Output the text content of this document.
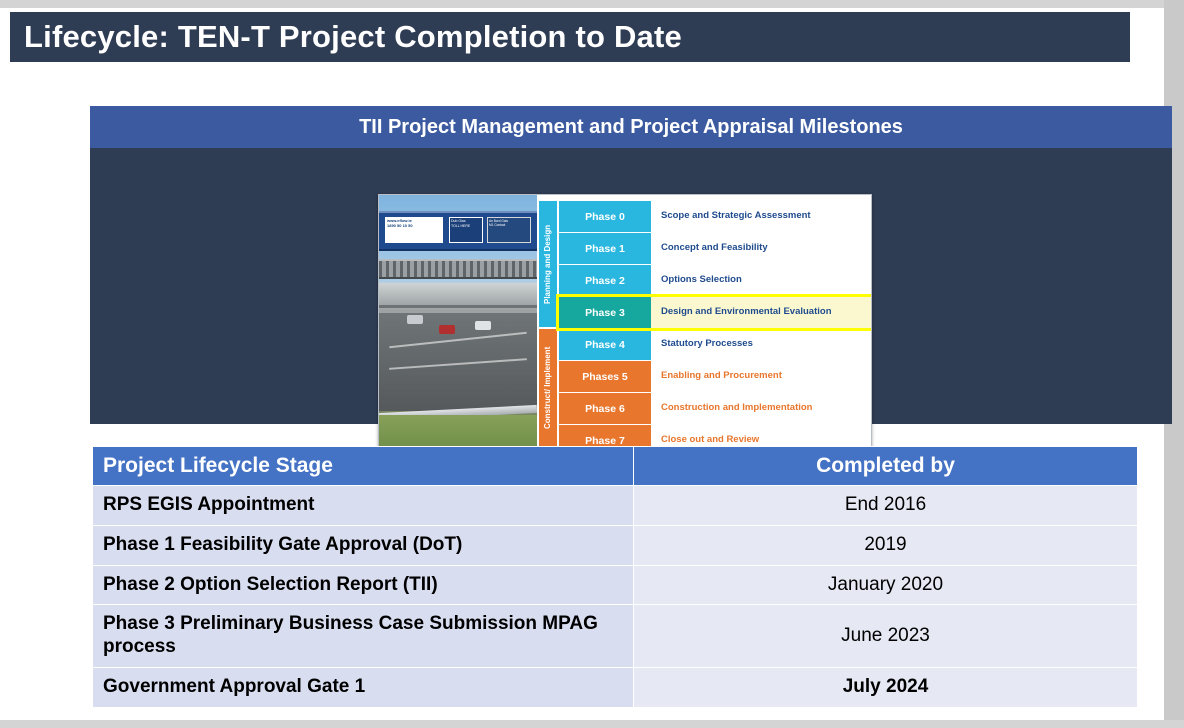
Lifecycle: TEN-T Project Completion to Date
TII Project Management and Project Appraisal Milestones
www.eflow.ie
1890 50 10 50
Dub Glas
TOLL HERE
An Bord Gais
M1 Contact	Planning and Design
Construct/ Implement
Phase 0	Scope and Strategic Assessment
Phase 1	Concept and Feasibility
Phase 2	Options Selection
Phase 3	Design and Environmental Evaluation
Phase 4	Statutory Processes
Phases 5	Enabling and Procurement
Phase 6	Construction and Implementation
Phase 7	Close out and Review
Project Lifecycle Stage	Completed by
RPS EGIS Appointment	End 2016
Phase 1 Feasibility Gate Approval (DoT)	2019
Phase 2 Option Selection Report (TII)	January 2020
Phase 3 Preliminary Business Case Submission MPAG process	June 2023
Government Approval Gate 1	July 2024
